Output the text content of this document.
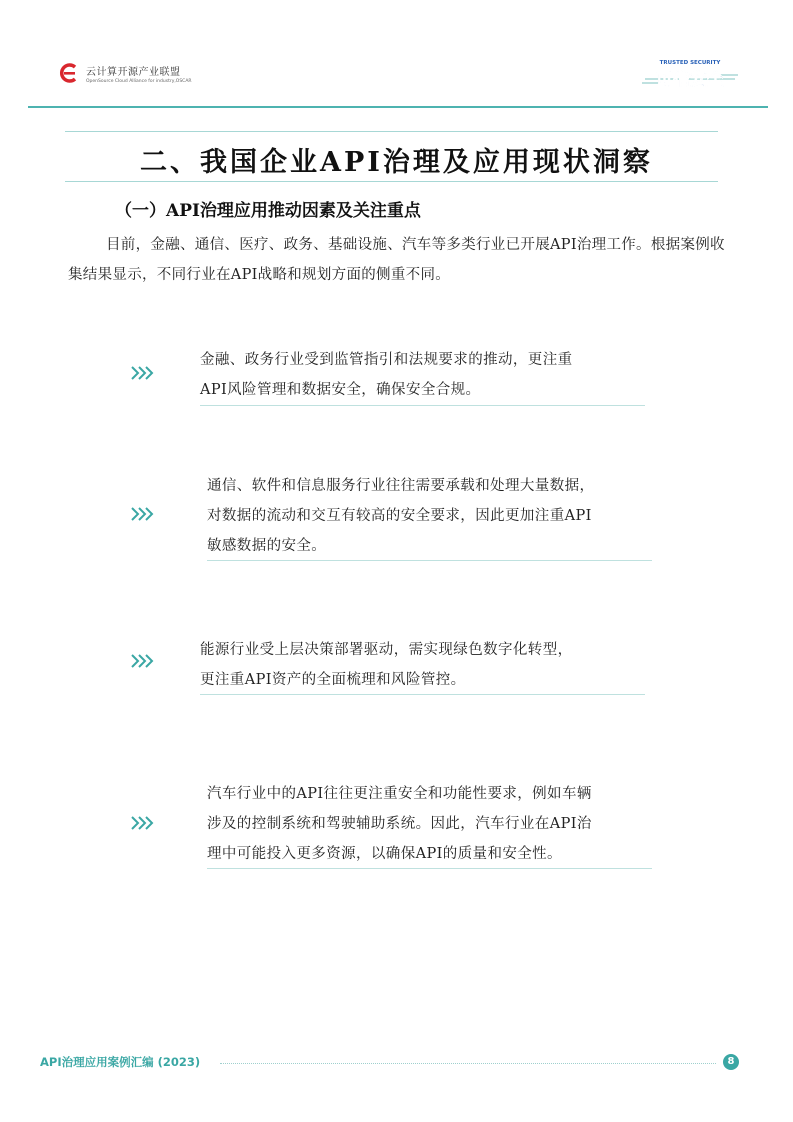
云计算开源产业联盟
OpenSource Cloud Alliance for industry,OSCAR
TRUSTED SECURITY
可信安全
二、我国企业API治理及应用现状洞察
（一）API治理应用推动因素及关注重点
目前，金融、通信、医疗、政务、基础设施、汽车等多类行业已开展API治理工作。根据案例收集结果显示，不同行业在API战略和规划方面的侧重不同。
金融、政务行业受到监管指引和法规要求的推动，更注重
API风险管理和数据安全，确保安全合规。
通信、软件和信息服务行业往往需要承载和处理大量数据，
对数据的流动和交互有较高的安全要求，因此更加注重API
敏感数据的安全。
能源行业受上层决策部署驱动，需实现绿色数字化转型，
更注重API资产的全面梳理和风险管控。
汽车行业中的API往往更注重安全和功能性要求，例如车辆
涉及的控制系统和驾驶辅助系统。因此，汽车行业在API治
理中可能投入更多资源，以确保API的质量和安全性。
API治理应用案例汇编 (2023)	8
